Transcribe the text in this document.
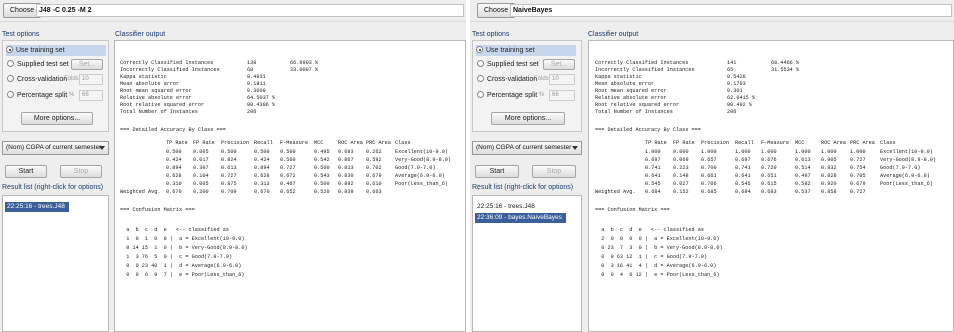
Choose J48 -C 0.25 -M 2
Test options
Use training set
Supplied test set	Set...
Cross-validation
Folds 10
Percentage split %	66
More options...
(Nom) CGPA of current semester
Start	Stop
Result list (right-click for options)
22:25:16 - trees.J48
Classifier output
Correctly Classified Instances	138	66.9903 %
Incorrectly Classified Instances	68	33.0097 %
Kappa statistic	0.4931
Mean absolute error	0.1811
Root mean squared error	0.3009
Relative absolute error	64.5037 %
Root relative squared error	80.4396 %
Total Number of Instances	206
=== Detailed Accuracy By Class ===
TP Rate FP Rate Precision Recall F-Measure MCC	ROC Area PRC Area Class
0.500 0.005 0.500	0.500 0.500	0.495 0.693 0.262	Excellent(10-9.0)
0.424 0.017 0.824	0.424 0.560	0.542 0.867 0.592	Very-Good(8.9-8.0)
0.894 0.397 0.613	0.894 0.727	0.500 0.813 0.702	Good(7.9-7.0)
0.628 0.104 0.727	0.628 0.672	0.543 0.830 0.679	Average(6.9-6.0)
0.310 0.005 0.875	0.313 0.467	0.500 0.892 0.610	Poor(Less_than_6)
Weighted Avg. 0.670 0.200 0.709	0.670 0.652	0.520 0.839 0.663
=== Confusion Matrix ===
a  b  c  d  e   <-- classified as
1  0  1  0  0 |  a = Excellent(10-9.0)
0 14 15  1  0 |  b = Very-Good(8.9-8.0)
1  3 76  5  0 |  c = Good(7.9-7.0)
0  0 23 40  1 |  d = Average(6.9-6.0)
0  0  6  9  7 |  e = Poor(Less_than_6)
Choose NaiveBayes
Test options
Use training set
Supplied test set	Set...
Cross-validation
Folds 10
Percentage split %	66
More options...
(Nom) CGPA of current semester
Start	Stop
Result list (right-click for options)
22:25:16 - trees.J48
22:36:09 - bayes.NaiveBayes
Classifier output
Correctly Classified Instances	141	68.4466 %
Incorrectly Classified Instances	65	31.5534 %
Kappa statistic	0.5428
Mean absolute error	0.1703
Root mean squared error	0.301
Relative absolute error	62.0415 %
Root relative squared error	80.492 %
Total Number of Instances	206
=== Detailed Accuracy By Class ===
TP Rate FP Rate Precision Recall F-Measure MCC	ROC Area PRC Area Class
1.000 0.000 1.000	1.000 1.000	1.000 1.000	1.000	Excellent(10-9.0)
0.697 0.069 0.657	0.697 0.676	0.613 0.905	0.727	Very-Good(8.9-8.0)
0.741 0.223 0.700	0.741 0.720	0.514 0.832	0.754	Good(7.9-7.0)
0.641 0.148 0.661	0.641 0.651	0.497 0.828	0.705	Average(6.9-6.0)
0.545 0.027 0.706	0.545 0.615	0.582 0.920	0.679	Poor(Less_than_6)
Weighted Avg. 0.684 0.152 0.685	0.684 0.683	0.537 0.858	0.727
=== Confusion Matrix ===
a  b  c  d  e   <-- classified as
2  0  0  0  0 |  a = Excellent(10-9.0)
0 23  7  3  0 |  b = Very-Good(8.9-8.0)
0  9 63 12  1 |  c = Good(7.9-7.0)
0  3 16 41  4 |  d = Average(6.9-6.0)
0  0  4  6 12 |  e = Poor(Less_than_6)
